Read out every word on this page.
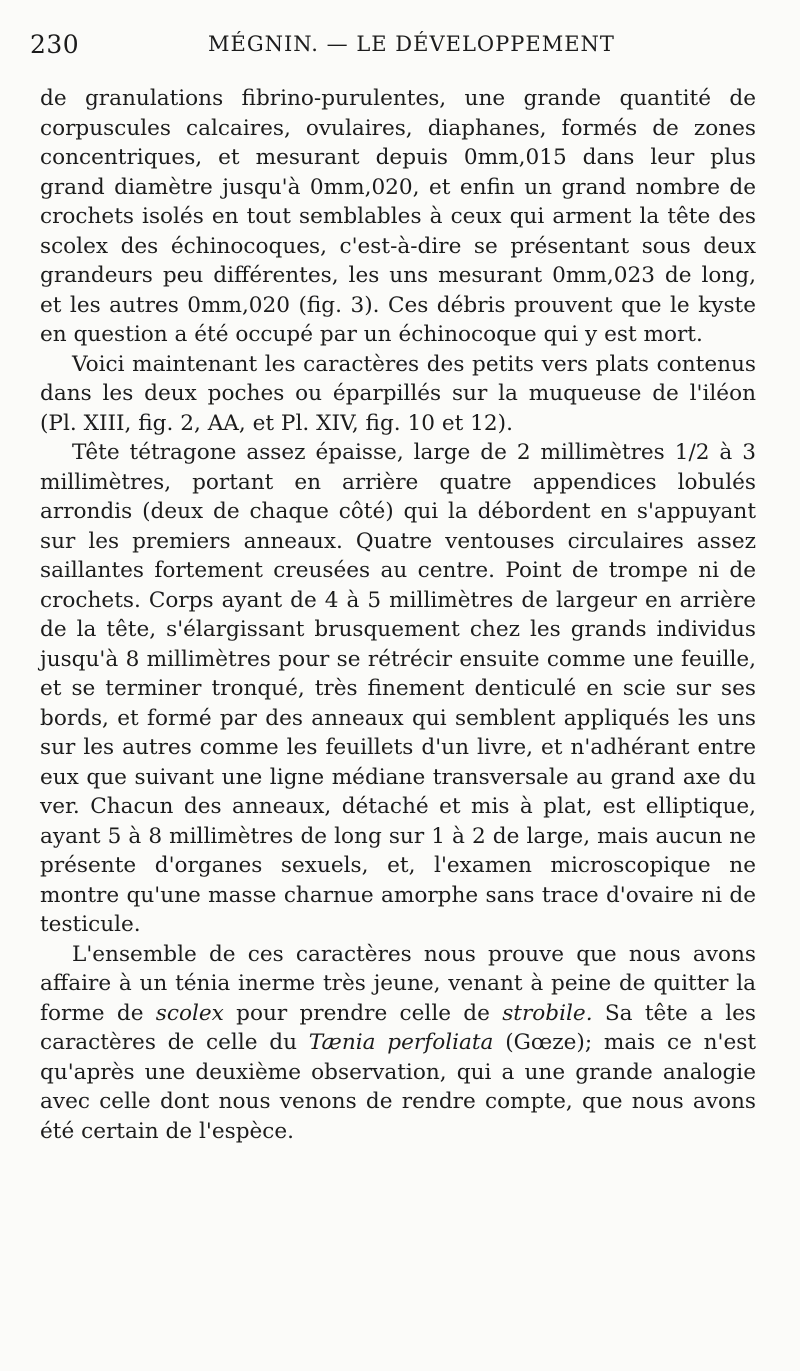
230	MÉGNIN. — LE DÉVELOPPEMENT

de granulations fibrino-purulentes, une grande quantité de corpuscules calcaires, ovulaires, diaphanes, formés de zones concentriques, et mesurant depuis 0mm,015 dans leur plus grand diamètre jusqu'à 0mm,020, et enfin un grand nombre de crochets isolés en tout semblables à ceux qui arment la tête des scolex des échinocoques, c'est-à-dire se présentant sous deux grandeurs peu différentes, les uns mesurant 0mm,023 de long, et les autres 0mm,020 (fig. 3). Ces débris prouvent que le kyste en question a été occupé par un échinocoque qui y est mort.

Voici maintenant les caractères des petits vers plats contenus dans les deux poches ou éparpillés sur la muqueuse de l'iléon (Pl. XIII, fig. 2, AA, et Pl. XIV, fig. 10 et 12).

Tête tétragone assez épaisse, large de 2 millimètres 1/2 à 3 millimètres, portant en arrière quatre appendices lobulés arrondis (deux de chaque côté) qui la débordent en s'appuyant sur les premiers anneaux. Quatre ventouses circulaires assez saillantes fortement creusées au centre. Point de trompe ni de crochets. Corps ayant de 4 à 5 millimètres de largeur en arrière de la tête, s'élargissant brusquement chez les grands individus jusqu'à 8 millimètres pour se rétrécir ensuite comme une feuille, et se terminer tronqué, très finement denticulé en scie sur ses bords, et formé par des anneaux qui semblent appliqués les uns sur les autres comme les feuillets d'un livre, et n'adhérant entre eux que suivant une ligne médiane transversale au grand axe du ver. Chacun des anneaux, détaché et mis à plat, est elliptique, ayant 5 à 8 millimètres de long sur 1 à 2 de large, mais aucun ne présente d'organes sexuels, et, l'examen microscopique ne montre qu'une masse charnue amorphe sans trace d'ovaire ni de testicule.

L'ensemble de ces caractères nous prouve que nous avons affaire à un ténia inerme très jeune, venant à peine de quitter la forme de scolex pour prendre celle de strobile. Sa tête a les caractères de celle du Tænia perfoliata (Gœze); mais ce n'est qu'après une deuxième observation, qui a une grande analogie avec celle dont nous venons de rendre compte, que nous avons été certain de l'espèce.
